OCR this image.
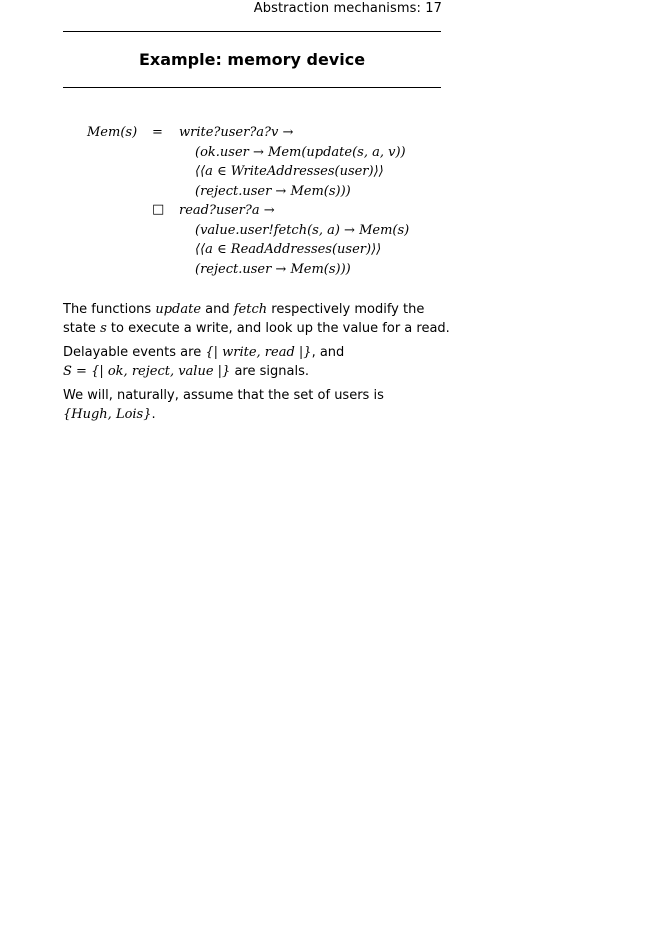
Abstraction mechanisms: 17
Example: memory device
Mem(s) = write?user?a?v →
(ok.user → Mem(update(s, a, v))
⟨⟨a ∈ WriteAddresses(user)⟩⟩
(reject.user → Mem(s)))
□ read?user?a →
(value.user!fetch(s, a) → Mem(s)
⟨⟨a ∈ ReadAddresses(user)⟩⟩
(reject.user → Mem(s)))
The functions update and fetch respectively modify the
state s to execute a write, and look up the value for a read.
Delayable events are {| write, read |}, and
S = {| ok, reject, value |} are signals.
We will, naturally, assume that the set of users is
{Hugh, Lois}.
